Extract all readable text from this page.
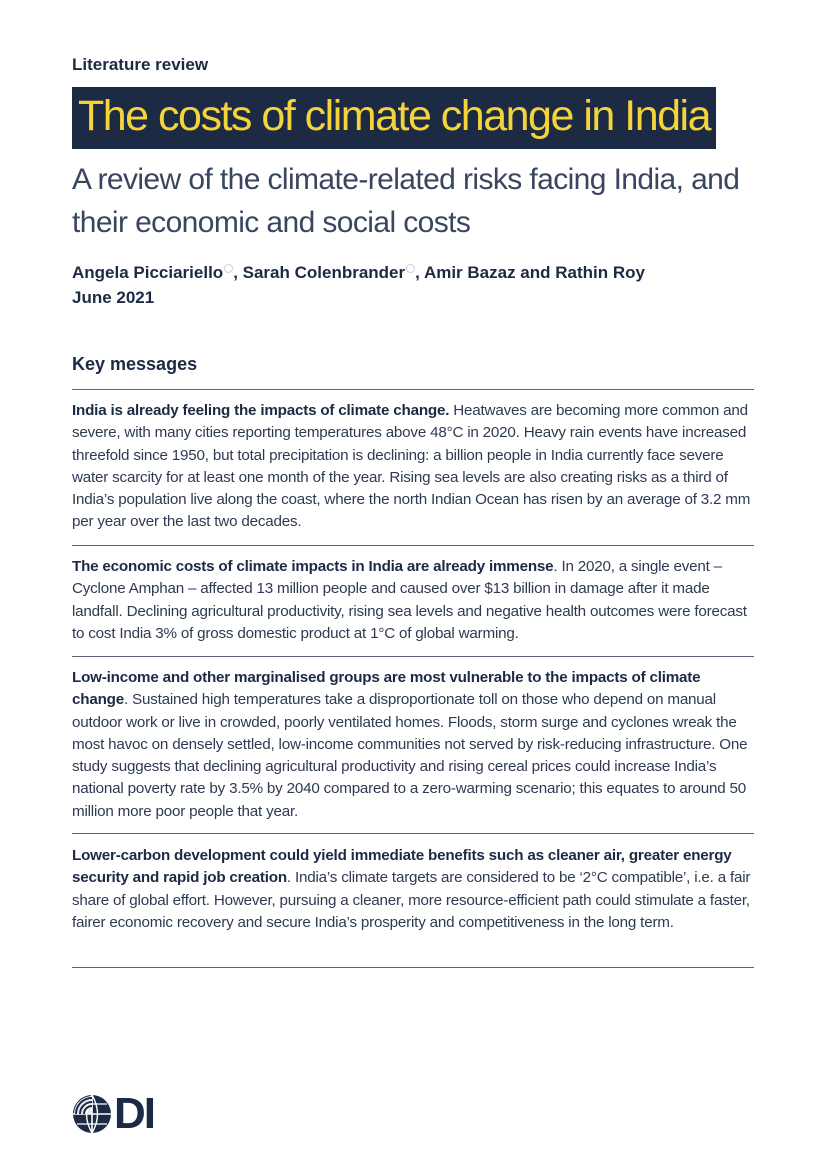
Literature review
The costs of climate change in India
A review of the climate-related risks facing India, and their economic and social costs
Angela Picciariello , Sarah Colenbrander , Amir Bazaz and Rathin Roy
June 2021
Key messages
India is already feeling the impacts of climate change. Heatwaves are becoming more common and severe, with many cities reporting temperatures above 48°C in 2020. Heavy rain events have increased threefold since 1950, but total precipitation is declining: a billion people in India currently face severe water scarcity for at least one month of the year. Rising sea levels are also creating risks as a third of India’s population live along the coast, where the north Indian Ocean has risen by an average of 3.2 mm per year over the last two decades.
The economic costs of climate impacts in India are already immense. In 2020, a single event – Cyclone Amphan – affected 13 million people and caused over $13 billion in damage after it made landfall. Declining agricultural productivity, rising sea levels and negative health outcomes were forecast to cost India 3% of gross domestic product at 1°C of global warming.
Low-income and other marginalised groups are most vulnerable to the impacts of climate change. Sustained high temperatures take a disproportionate toll on those who depend on manual outdoor work or live in crowded, poorly ventilated homes. Floods, storm surge and cyclones wreak the most havoc on densely settled, low-income communities not served by risk-reducing infrastructure. One study suggests that declining agricultural productivity and rising cereal prices could increase India’s national poverty rate by 3.5% by 2040 compared to a zero-warming scenario; this equates to around 50 million more poor people that year.
Lower-carbon development could yield immediate benefits such as cleaner air, greater energy security and rapid job creation. India’s climate targets are considered to be ‘2°C compatible’, i.e. a fair share of global effort. However, pursuing a cleaner, more resource-efficient path could stimulate a faster, fairer economic recovery and secure India’s prosperity and competitiveness in the long term.
DI
